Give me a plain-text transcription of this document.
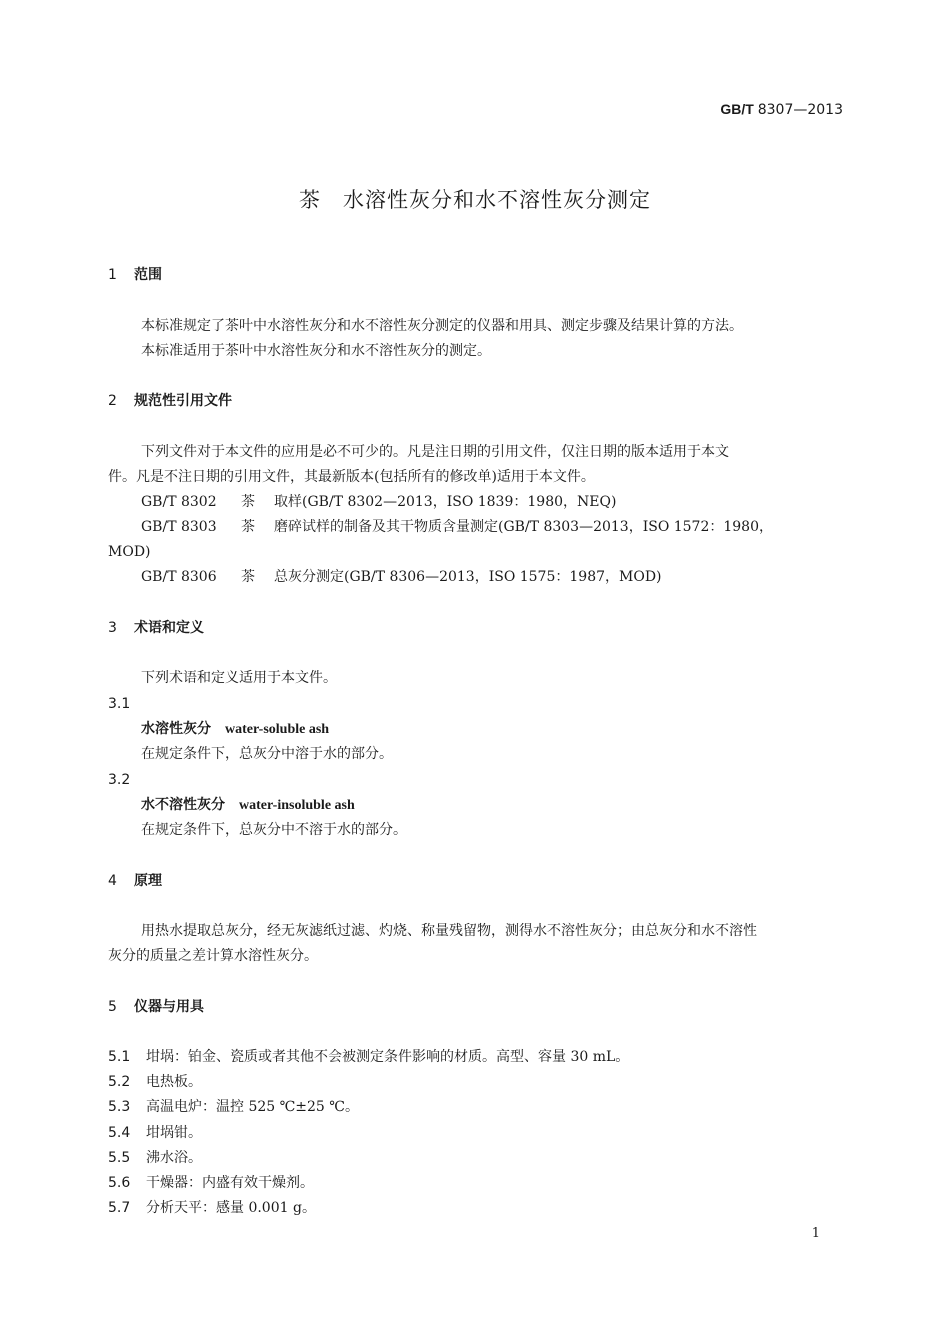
GB/T 8307—2013
茶 水溶性灰分和水不溶性灰分测定
1 范围
本标准规定了茶叶中水溶性灰分和水不溶性灰分测定的仪器和用具、测定步骤及结果计算的方法。
本标准适用于茶叶中水溶性灰分和水不溶性灰分的测定。
2 规范性引用文件
下列文件对于本文件的应用是必不可少的。凡是注日期的引用文件，仅注日期的版本适用于本文
件。凡是不注日期的引用文件，其最新版本(包括所有的修改单)适用于本文件。
GB/T 8302 茶 取样(GB/T 8302—2013，ISO 1839：1980，NEQ)
GB/T 8303 茶 磨碎试样的制备及其干物质含量测定(GB/T 8303—2013，ISO 1572：1980，
MOD)
GB/T 8306 茶 总灰分测定(GB/T 8306—2013，ISO 1575：1987，MOD)
3 术语和定义
下列术语和定义适用于本文件。
3.1
水溶性灰分 water-soluble ash
在规定条件下，总灰分中溶于水的部分。
3.2
水不溶性灰分 water-insoluble ash
在规定条件下，总灰分中不溶于水的部分。
4 原理
用热水提取总灰分，经无灰滤纸过滤、灼烧、称量残留物，测得水不溶性灰分；由总灰分和水不溶性
灰分的质量之差计算水溶性灰分。
5 仪器与用具
5.1 坩埚：铂金、瓷质或者其他不会被测定条件影响的材质。高型、容量 30 mL。
5.2 电热板。
5.3 高温电炉：温控 525 ℃±25 ℃。
5.4 坩埚钳。
5.5 沸水浴。
5.6 干燥器：内盛有效干燥剂。
5.7 分析天平：感量 0.001 g。
1
